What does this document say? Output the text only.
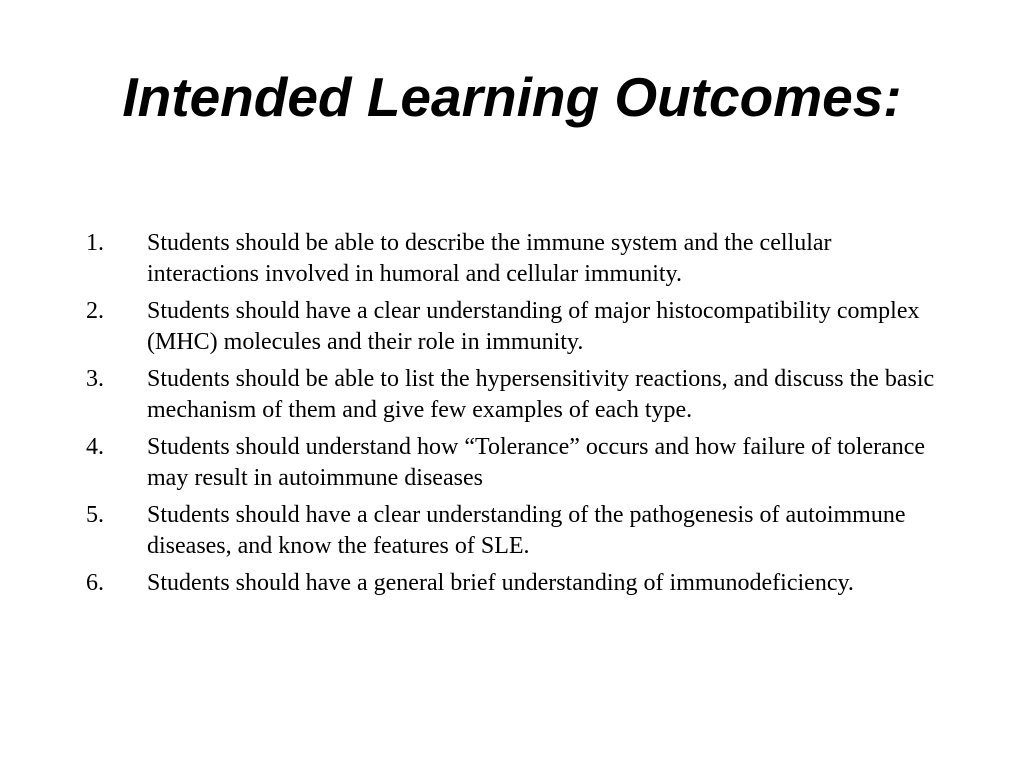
Intended Learning Outcomes:
1.	Students should be able to describe the immune system and the cellular interactions involved in humoral and cellular immunity.
2.	Students should have a clear understanding of major histocompatibility complex (MHC) molecules and their role in immunity.
3.	Students should be able to list the hypersensitivity reactions, and discuss the basic mechanism of them and give few examples of each type.
4.	Students should understand how “Tolerance” occurs and how failure of tolerance may result in autoimmune diseases
5.	Students should have a clear understanding of the pathogenesis of autoimmune diseases, and know the features of SLE.
6.	Students should have a general brief understanding of immunodeficiency.
